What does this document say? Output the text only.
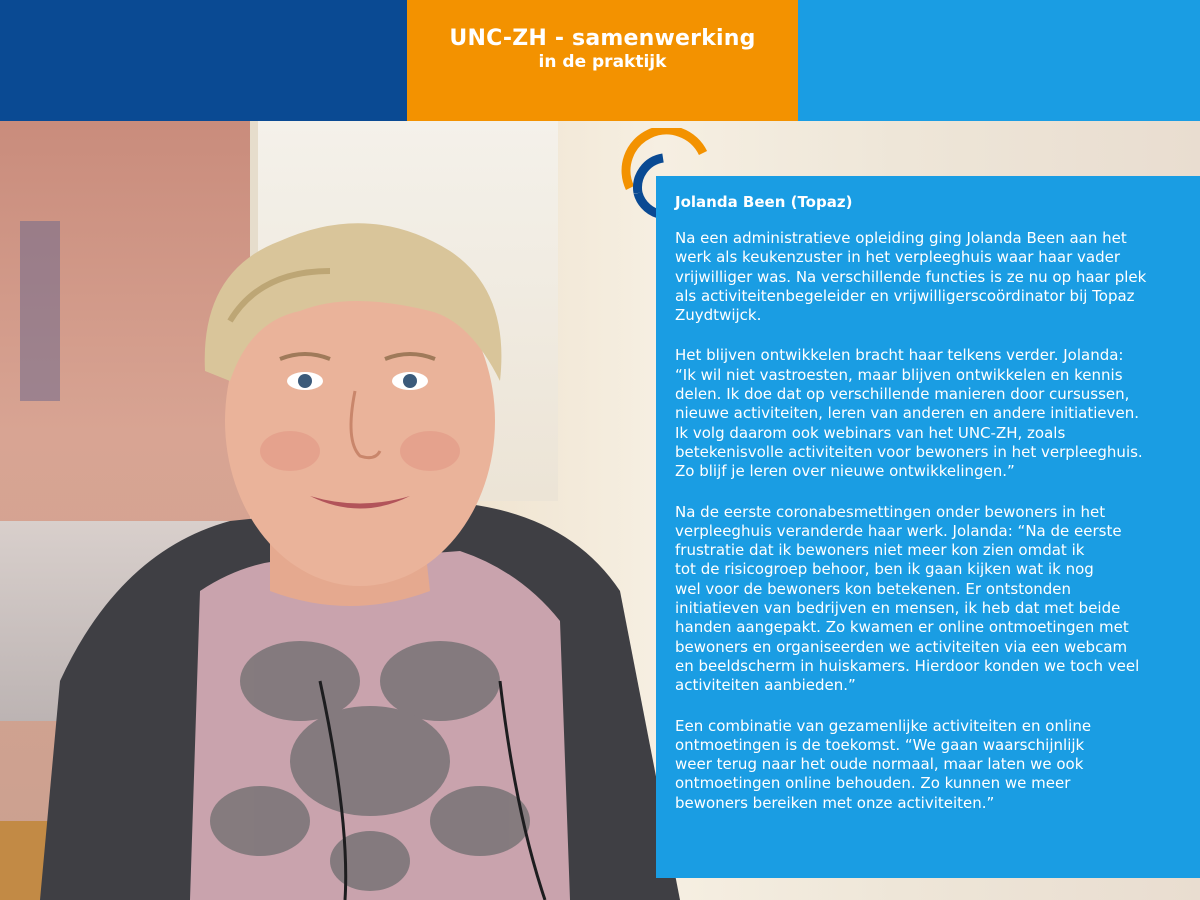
UNC-ZH - samenwerking
in de praktijk
Jolanda Been (Topaz)
Na een administratieve opleiding ging Jolanda Been aan het
werk als keukenzuster in het verpleeghuis waar haar vader
vrijwilliger was. Na verschillende functies is ze nu op haar plek
als activiteitenbegeleider en vrijwilligerscoördinator bij Topaz
Zuydtwijck.
Het blijven ontwikkelen bracht haar telkens verder. Jolanda:
“Ik wil niet vastroesten, maar blijven ontwikkelen en kennis
delen. Ik doe dat op verschillende manieren door cursussen,
nieuwe activiteiten, leren van anderen en andere initiatieven.
Ik volg daarom ook webinars van het UNC-ZH, zoals
betekenisvolle activiteiten voor bewoners in het verpleeghuis.
Zo blijf je leren over nieuwe ontwikkelingen.”
Na de eerste coronabesmettingen onder bewoners in het
verpleeghuis veranderde haar werk. Jolanda: “Na de eerste
frustratie dat ik bewoners niet meer kon zien omdat ik
tot de risicogroep behoor, ben ik gaan kijken wat ik nog
wel voor de bewoners kon betekenen. Er ontstonden
initiatieven van bedrijven en mensen, ik heb dat met beide
handen aangepakt. Zo kwamen er online ontmoetingen met
bewoners en organiseerden we activiteiten via een webcam
en beeldscherm in huiskamers. Hierdoor konden we toch veel
activiteiten aanbieden.”
Een combinatie van gezamenlijke activiteiten en online
ontmoetingen is de toekomst. “We gaan waarschijnlijk
weer terug naar het oude normaal, maar laten we ook
ontmoetingen online behouden. Zo kunnen we meer
bewoners bereiken met onze activiteiten.”
